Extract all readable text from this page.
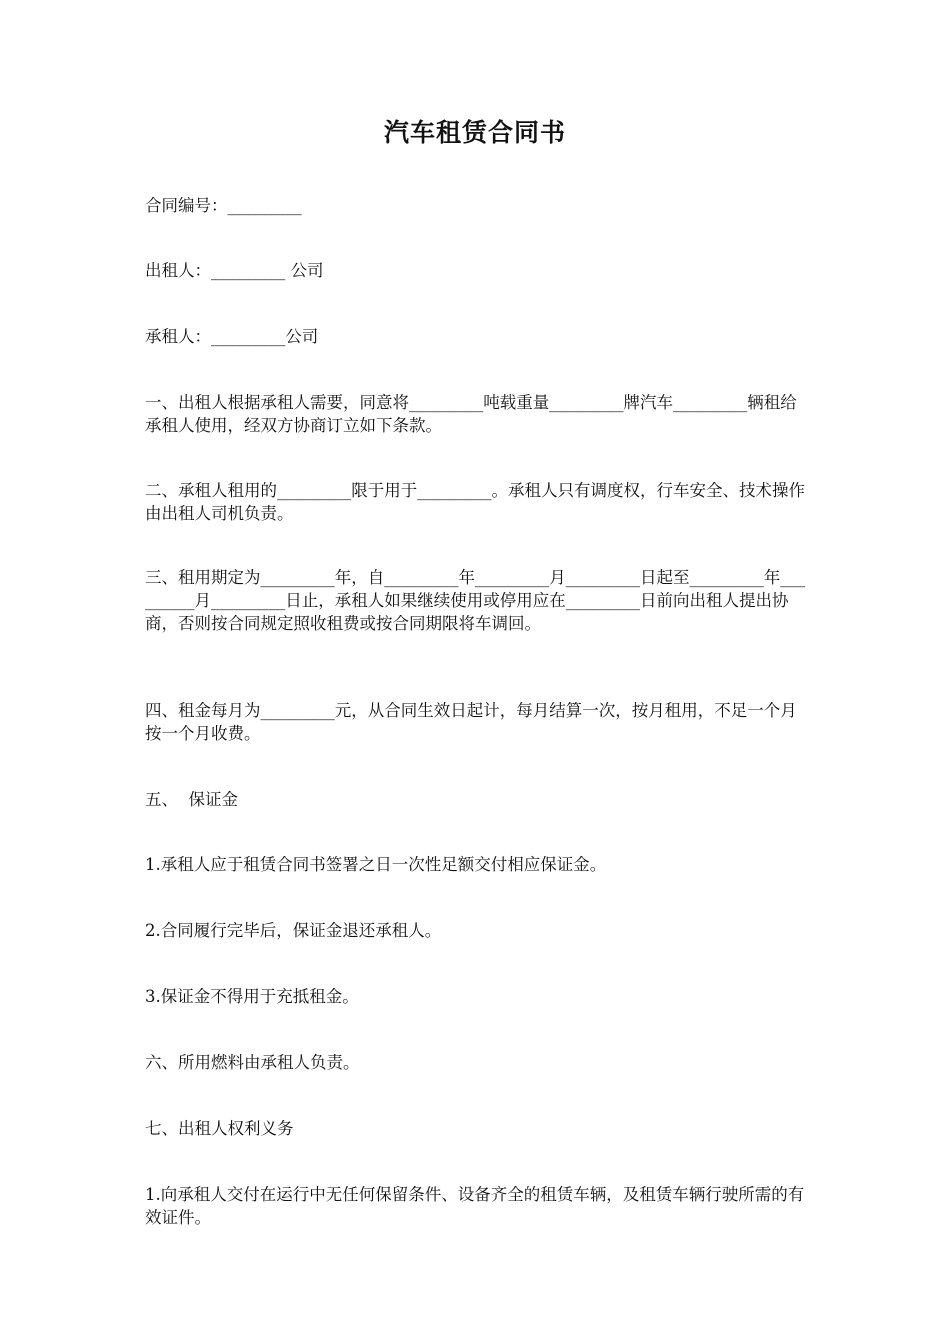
汽车租赁合同书
合同编号：_________
出租人：_________ 公司
承租人：_________公司
一、出租人根据承租人需要，同意将_________吨载重量_________牌汽车_________辆租给承租人使用，经双方协商订立如下条款。
二、承租人租用的_________限于用于_________。承租人只有调度权，行车安全、技术操作由出租人司机负责。
三、租用期定为_________年，自_________年_________月_________日起至_________年_________月_________日止，承租人如果继续使用或停用应在_________日前向出租人提出协商，否则按合同规定照收租费或按合同期限将车调回。
四、租金每月为_________元，从合同生效日起计，每月结算一次，按月租用，不足一个月按一个月收费。
五、  保证金
1.承租人应于租赁合同书签署之日一次性足额交付相应保证金。
2.合同履行完毕后，保证金退还承租人。
3.保证金不得用于充抵租金。
六、所用燃料由承租人负责。
七、出租人权利义务
1.向承租人交付在运行中无任何保留条件、设备齐全的租赁车辆，及租赁车辆行驶所需的有效证件。
